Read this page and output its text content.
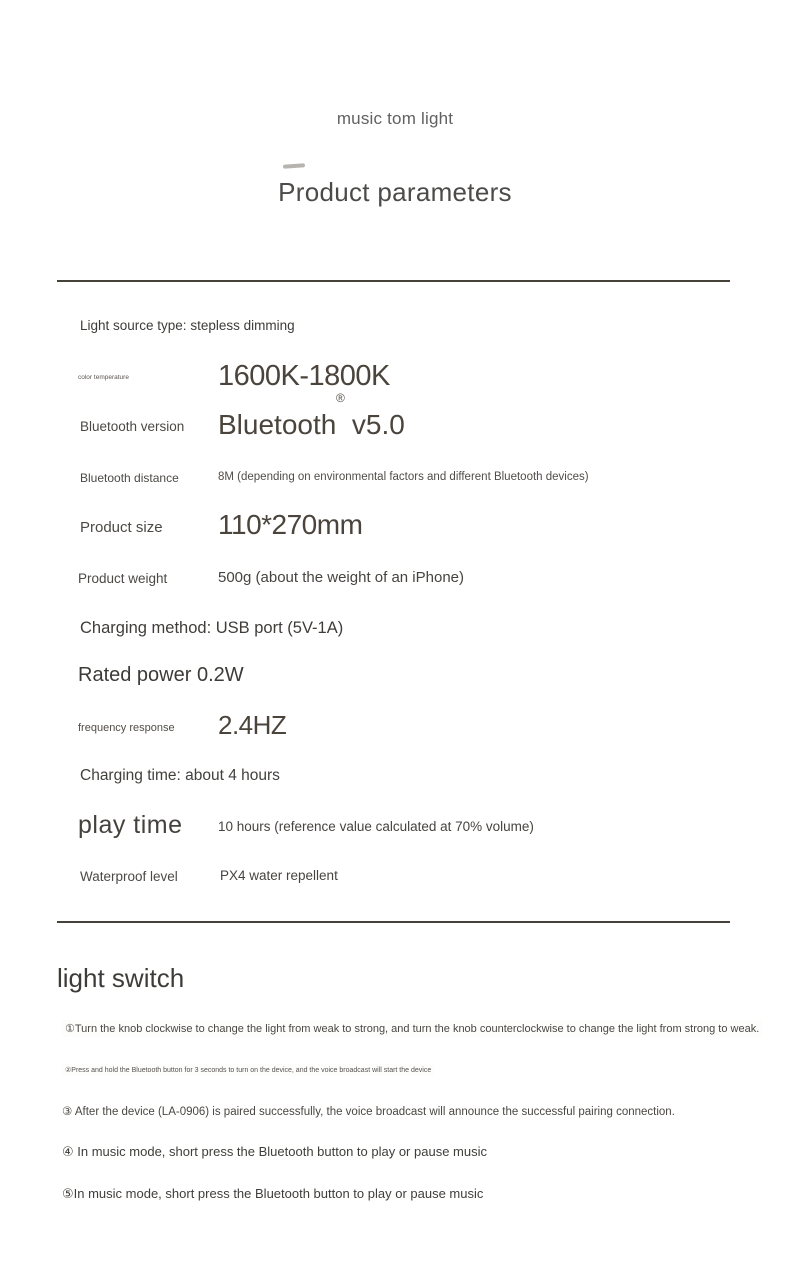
music tom light
Product parameters
Light source type: stepless dimming
color temperature	1600K-1800K
®
Bluetooth version Bluetooth  v5.0
Bluetooth distance	8M (depending on environmental factors and different Bluetooth devices)
Product size 110*270mm
Product weight	500g (about the weight of an iPhone)
Charging method: USB port (5V-1A)
Rated power 0.2W
frequency response 2.4HZ
Charging time: about 4 hours
play time	10 hours (reference value calculated at 70% volume)
Waterproof level	PX4 water repellent
light switch
①Turn the knob clockwise to change the light from weak to strong, and turn the knob counterclockwise to change the light from strong to weak.
②Press and hold the Bluetooth button for 3 seconds to turn on the device, and the voice broadcast will start the device
③ After the device (LA-0906) is paired successfully, the voice broadcast will announce the successful pairing connection.
④ In music mode, short press the Bluetooth button to play or pause music
⑤In music mode, short press the Bluetooth button to play or pause music
